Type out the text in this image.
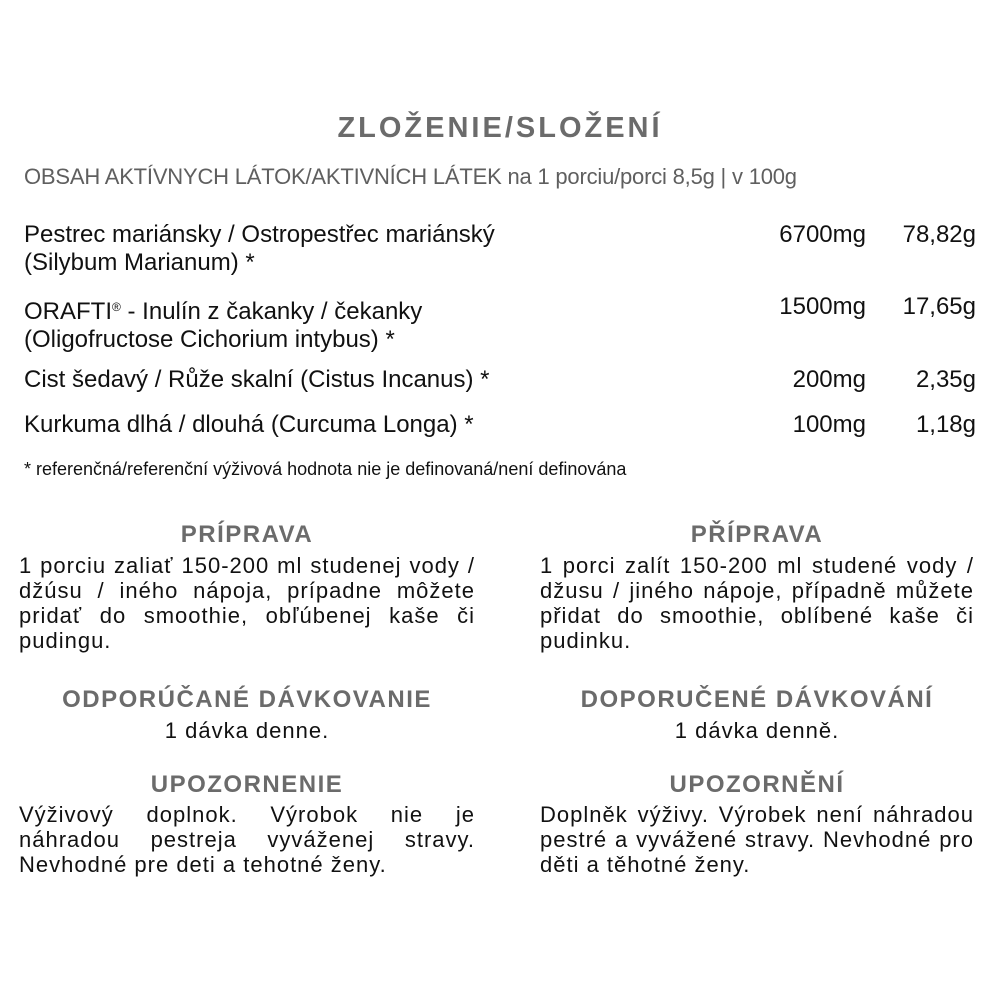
ZLOŽENIE/SLOŽENÍ
OBSAH AKTÍVNYCH LÁTOK/AKTIVNÍCH LÁTEK na 1 porciu/porci 8,5g | v 100g
Pestrec mariánsky / Ostropestřec mariánský
(Silybum Marianum) *
6700mg 78,82g
ORAFTI® - Inulín z čakanky / čekanky
(Oligofructose Cichorium intybus) *
1500mg 17,65g
Cist šedavý / Růže skalní (Cistus Incanus) *	200mg 2,35g
Kurkuma dlhá / dlouhá (Curcuma Longa) *	100mg 1,18g
* referenčná/referenční výživová hodnota nie je definovaná/není definována
PRÍPRAVA
1 porciu zaliať 150-200 ml studenej vody / džúsu / iného nápoja, prípadne môžete pridať do smoothie, obľúbenej kaše či pudingu.
ODPORÚČANÉ DÁVKOVANIE
1 dávka denne.
UPOZORNENIE
Výživový doplnok. Výrobok nie je náhradou pestreja vyváženej stravy. Nevhodné pre deti a tehotné ženy.
PŘÍPRAVA
1 porci zalít 150-200 ml studené vody / džusu / jiného nápoje, případně můžete přidat do smoothie, oblíbené kaše či pudinku.
DOPORUČENÉ DÁVKOVÁNÍ
1 dávka denně.
UPOZORNĚNÍ
Doplněk výživy. Výrobek není náhradou pestré a vyvážené stravy. Nevhodné pro děti a těhotné ženy.
